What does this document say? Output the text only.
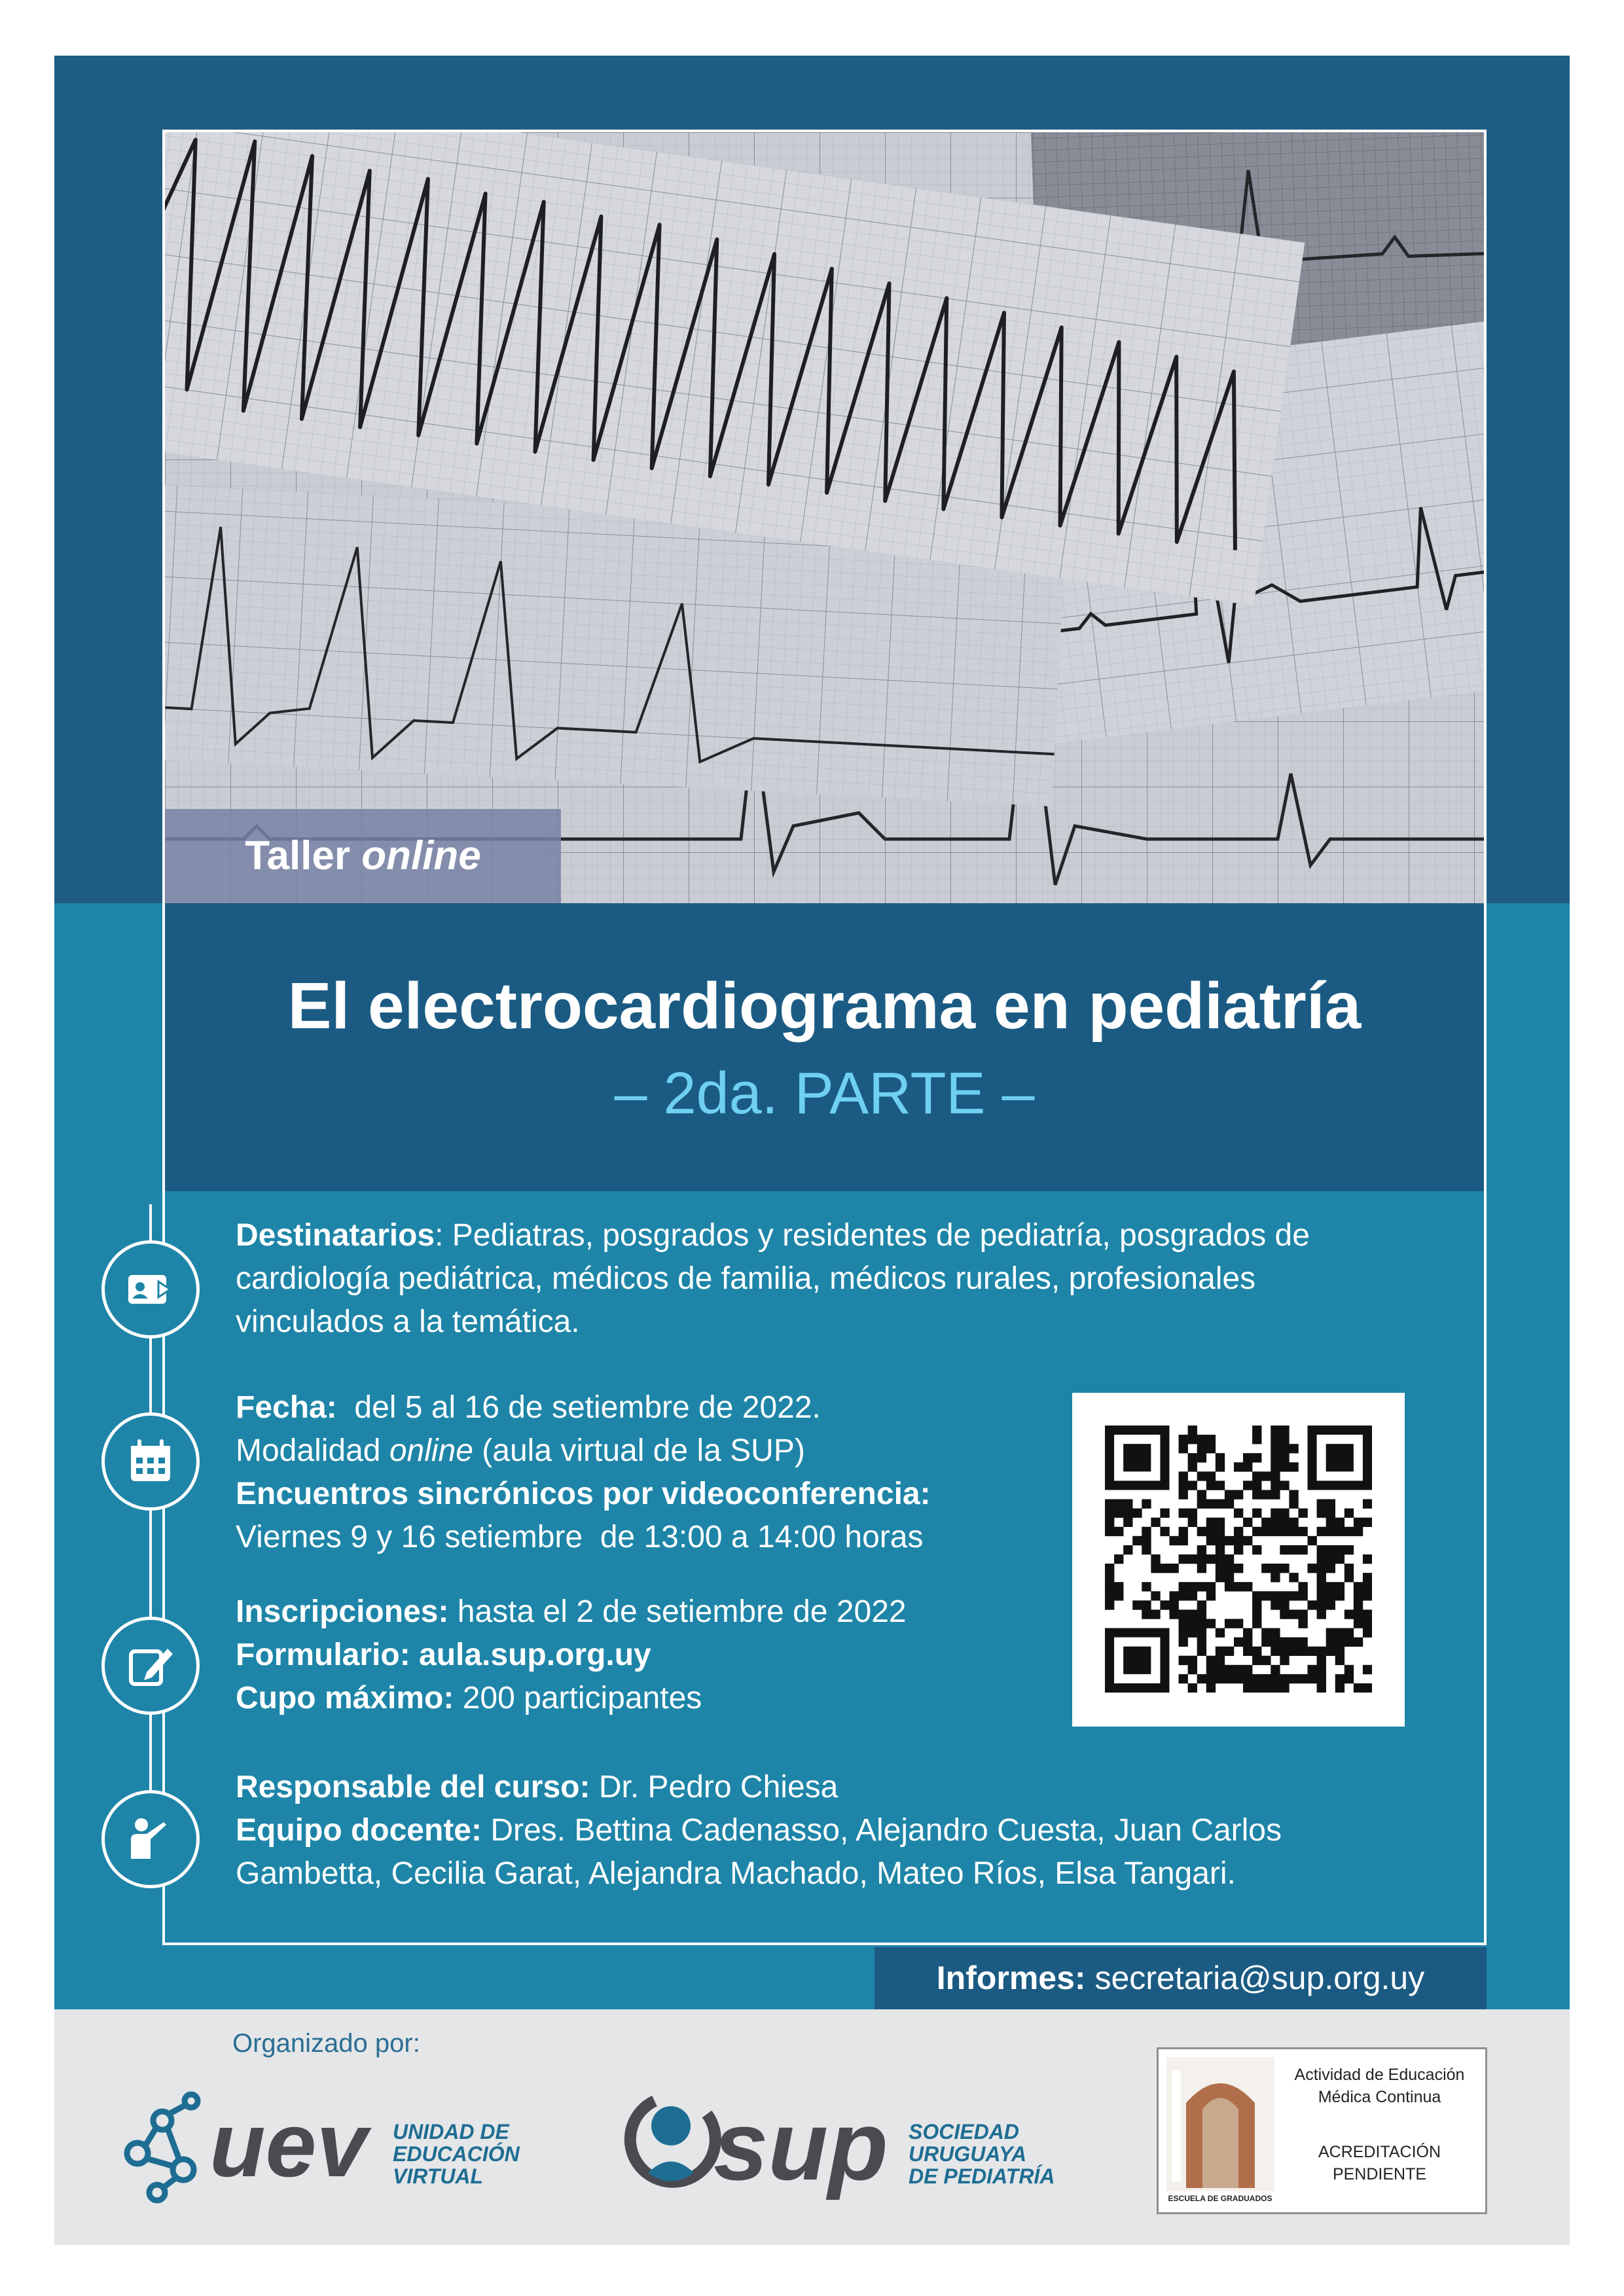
Taller online
El electrocardiograma en pediatría
– 2da. PARTE –
Destinatarios: Pediatras, posgrados y residentes de pediatría, posgrados de cardiología pediátrica, médicos de familia, médicos rurales, profesionales vinculados a la temática.
Fecha:  del 5 al 16 de setiembre de 2022.
Modalidad online (aula virtual de la SUP)
Encuentros sincrónicos por videoconferencia:
Viernes 9 y 16 setiembre  de 13:00 a 14:00 horas
Inscripciones: hasta el 2 de setiembre de 2022
Formulario: aula.sup.org.uy
Cupo máximo: 200 participantes
Responsable del curso: Dr. Pedro Chiesa
Equipo docente: Dres. Bettina Cadenasso, Alejandro Cuesta, Juan Carlos Gambetta, Cecilia Garat, Alejandra Machado, Mateo Ríos, Elsa Tangari.
Informes: secretaria@sup.org.uy
Organizado por:
uev UNIDAD DE
EDUCACIÓN
VIRTUAL sup SOCIEDAD
URUGUAYA
DE PEDIATRÍA
ESCUELA DE GRADUADOS
Actividad de Educación
Médica Continua
ACREDITACIÓN
PENDIENTE
